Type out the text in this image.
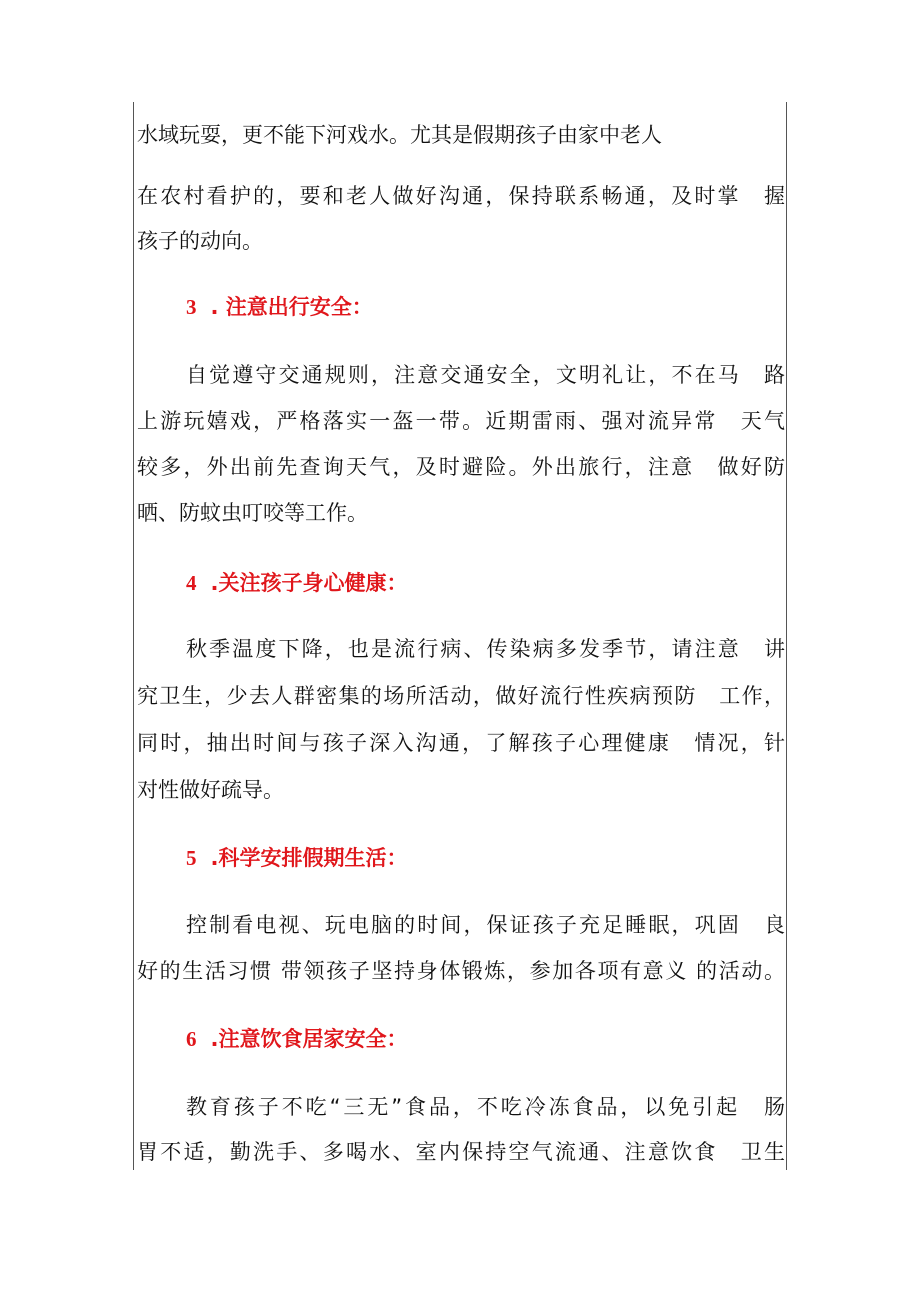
水域玩耍，更不能下河戏水。尤其是假期孩子由家中老人

在农村看护的，要和老人做好沟通，保持联系畅通，及时掌　握

孩子的动向。

3 . 注意出行安全：

自觉遵守交通规则，注意交通安全，文明礼让，不在马　路

上游玩嬉戏，严格落实一盔一带。近期雷雨、强对流异常　天气

较多，外出前先查询天气，及时避险。外出旅行，注意　做好防

晒、防蚊虫叮咬等工作。

4 .关注孩子身心健康：

秋季温度下降，也是流行病、传染病多发季节，请注意　讲

究卫生，少去人群密集的场所活动，做好流行性疾病预防　工作，

同时，抽出时间与孩子深入沟通，了解孩子心理健康　情况，针

对性做好疏导。

5 .科学安排假期生活：

控制看电视、玩电脑的时间，保证孩子充足睡眠，巩固　良

好的生活习惯 带领孩子坚持身体锻炼，参加各项有意义 的活动。

6 .注意饮食居家安全：

教育孩子不吃“三无”食品，不吃冷冻食品，以免引起　肠

胃不适，勤洗手、多喝水、室内保持空气流通、注意饮食　卫生
